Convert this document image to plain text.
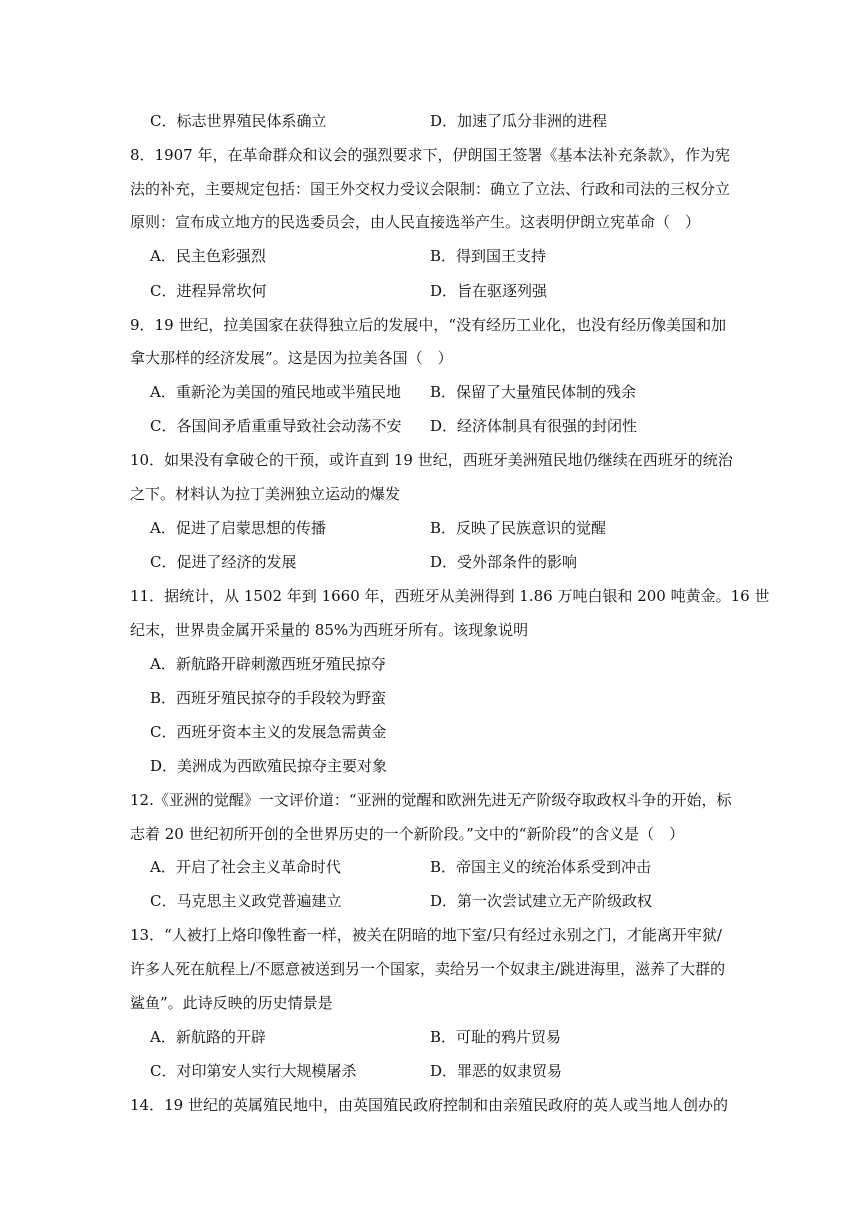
C．标志世界殖民体系确立	D．加速了瓜分非洲的进程
8．1907 年，在革命群众和议会的强烈要求下，伊朗国王签署《基本法补充条款》，作为宪
法的补充，主要规定包括：国王外交权力受议会限制：确立了立法、行政和司法的三权分立
原则：宣布成立地方的民选委员会，由人民直接选举产生。这表明伊朗立宪革命（　）
A．民主色彩强烈	B．得到国王支持
C．进程异常坎何	D．旨在驱逐列强
9．19 世纪，拉美国家在获得独立后的发展中，“没有经历工业化，也没有经历像美国和加
拿大那样的经济发展”。这是因为拉美各国（　）
A．重新沦为美国的殖民地或半殖民地 B．保留了大量殖民体制的残余
C．各国间矛盾重重导致社会动荡不安 D．经济体制具有很强的封闭性
10．如果没有拿破仑的干预，或许直到 19 世纪，西班牙美洲殖民地仍继续在西班牙的统治
之下。材料认为拉丁美洲独立运动的爆发
A．促进了启蒙思想的传播	B．反映了民族意识的觉醒
C．促进了经济的发展	D．受外部条件的影响
11．据统计，从 1502 年到 1660 年，西班牙从美洲得到 1.86 万吨白银和 200 吨黄金。16 世
纪末，世界贵金属开采量的 85%为西班牙所有。该现象说明
A．新航路开辟刺激西班牙殖民掠夺
B．西班牙殖民掠夺的手段较为野蛮
C．西班牙资本主义的发展急需黄金
D．美洲成为西欧殖民掠夺主要对象
12.《亚洲的觉醒》一文评价道：“亚洲的觉醒和欧洲先进无产阶级夺取政权斗争的开始，标
志着 20 世纪初所开创的全世界历史的一个新阶段。”文中的“新阶段”的含义是（　）
A．开启了社会主义革命时代	B．帝国主义的统治体系受到冲击
C．马克思主义政党普遍建立	D．第一次尝试建立无产阶级政权
13．“人被打上烙印像牲畜一样，被关在阴暗的地下室/只有经过永别之门，才能离开牢狱/
许多人死在航程上/不愿意被送到另一个国家，卖给另一个奴隶主/跳进海里，滋养了大群的
鲨鱼”。此诗反映的历史情景是
A．新航路的开辟	B．可耻的鸦片贸易
C．对印第安人实行大规模屠杀	D．罪恶的奴隶贸易
14．19 世纪的英属殖民地中，由英国殖民政府控制和由亲殖民政府的英人或当地人创办的
